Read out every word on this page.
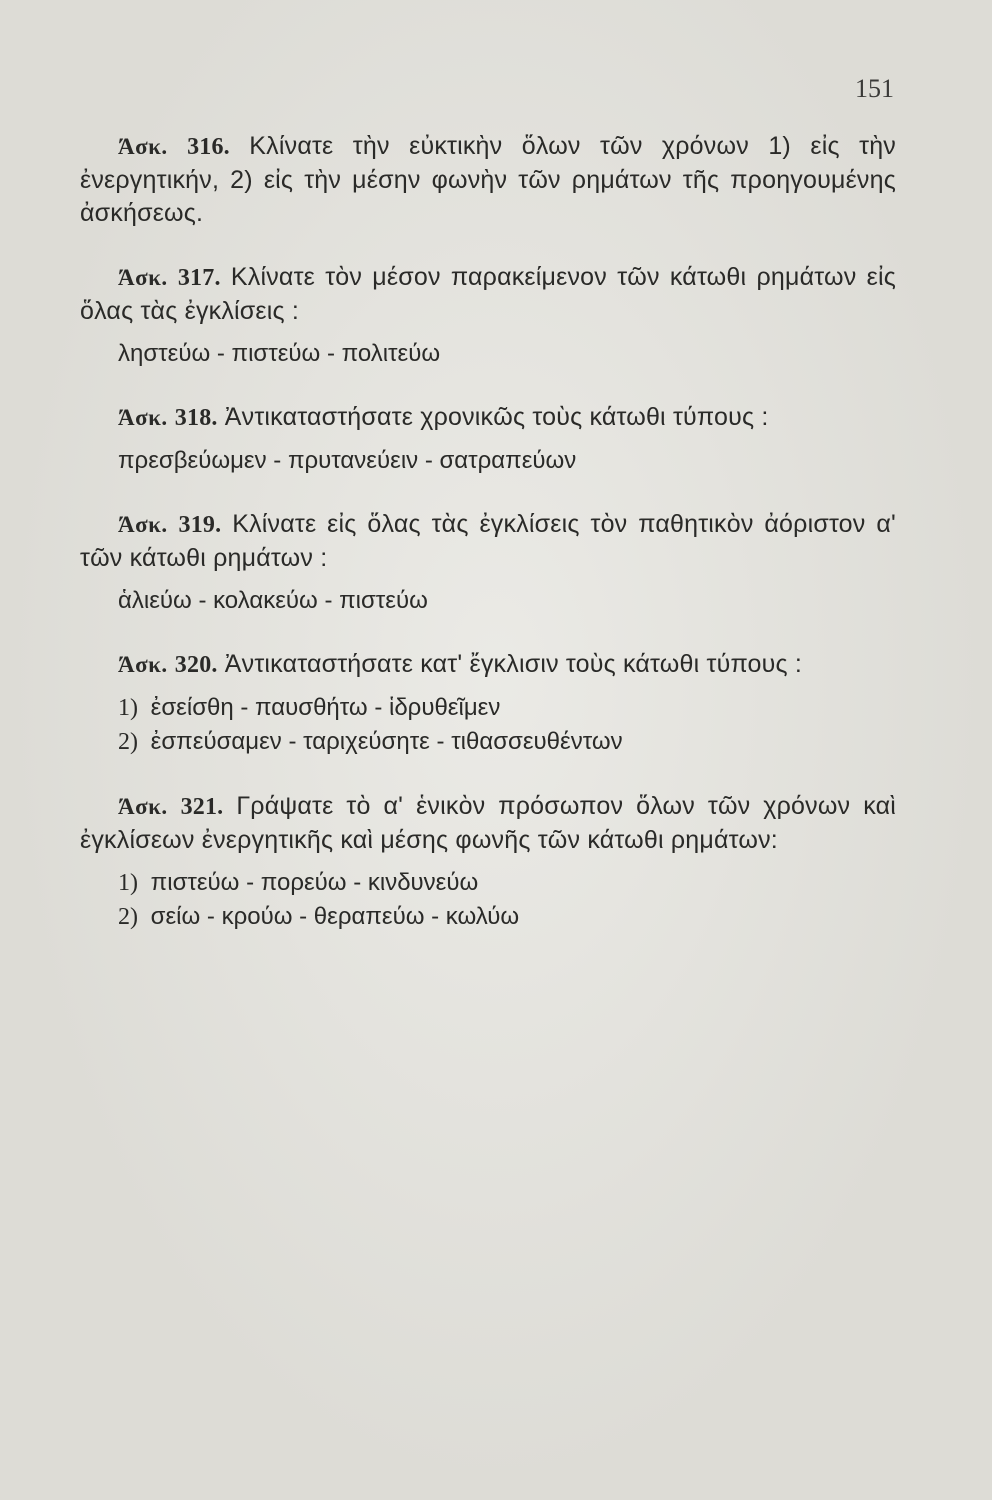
151
Άσκ. 316. Κλίνατε τὴν εὐκτικὴν ὅλων τῶν χρόνων 1) εἰς τὴν ἐνεργητικήν, 2) εἰς τὴν μέσην φωνὴν τῶν ρημάτων τῆς προηγουμένης ἀσκήσεως.
Άσκ. 317. Κλίνατε τὸν μέσον παρακείμενον τῶν κάτωθι ρημάτων εἰς ὅλας τὰς ἐγκλίσεις :
ληστεύω - πιστεύω - πολιτεύω
Άσκ. 318. Ἀντικαταστήσατε χρονικῶς τοὺς κάτωθι τύπους :
πρεσβεύωμεν - πρυτανεύειν - σατραπεύων
Άσκ. 319. Κλίνατε εἰς ὅλας τὰς ἐγκλίσεις τὸν παθητικὸν ἀόριστον α' τῶν κάτωθι ρημάτων :
ἁλιεύω - κολακεύω - πιστεύω
Άσκ. 320. Ἀντικαταστήσατε κατ' ἔγκλισιν τοὺς κάτωθι τύπους :
1) ἐσείσθη - παυσθήτω - ἱδρυθεῖμεν
2) ἐσπεύσαμεν - ταριχεύσητε - τιθασσευθέντων
Άσκ. 321. Γράψατε τὸ α' ἑνικὸν πρόσωπον ὅλων τῶν χρόνων καὶ ἐγκλίσεων ἐνεργητικῆς καὶ μέσης φωνῆς τῶν κάτωθι ρημάτων:
1) πιστεύω - πορεύω - κινδυνεύω
2) σείω - κρούω - θεραπεύω - κωλύω
